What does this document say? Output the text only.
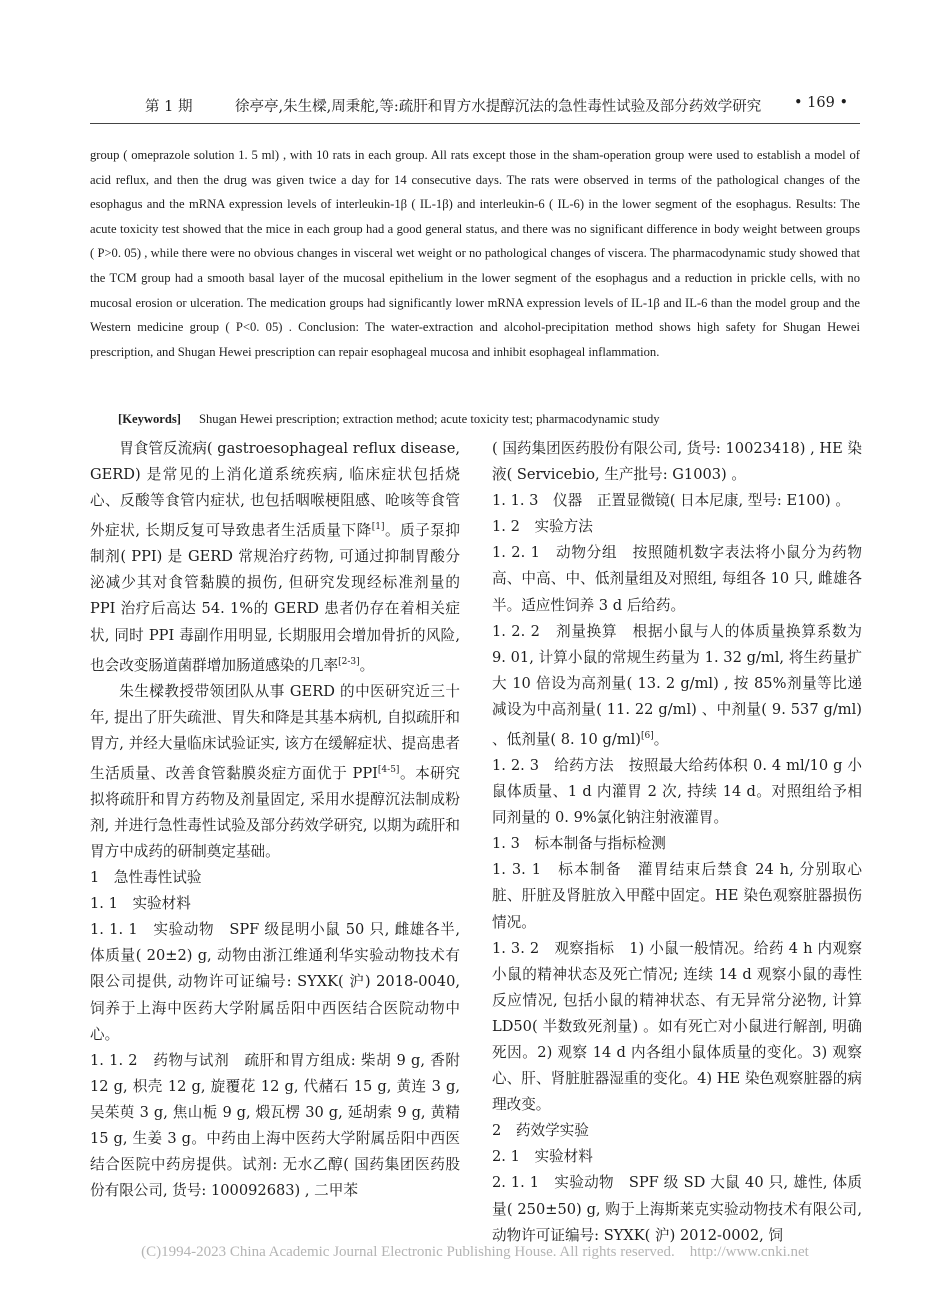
第 1 期	徐亭亭,朱生樑,周秉舵,等:疏肝和胃方水提醇沉法的急性毒性试验及部分药效学研究 • 169 •

group ( omeprazole solution 1. 5 ml) , with 10 rats in each group. All rats except those in the sham-operation group were used to establish a model of acid reflux, and then the drug was given twice a day for 14 consecutive days. The rats were observed in terms of the pathological changes of the esophagus and the mRNA expression levels of interleukin-1β ( IL-1β) and interleukin-6 ( IL-6) in the lower segment of the esophagus. Results: The acute toxicity test showed that the mice in each group had a good general status, and there was no significant difference in body weight between groups ( P>0. 05) , while there were no obvious changes in visceral wet weight or no pathological changes of viscera. The pharmacodynamic study showed that the TCM group had a smooth basal layer of the mucosal epithelium in the lower segment of the esophagus and a reduction in prickle cells, with no mucosal erosion or ulceration. The medication groups had significantly lower mRNA expression levels of IL-1β and IL-6 than the model group and the Western medicine group ( P<0. 05) . Conclusion: The water-extraction and alcohol-precipitation method shows high safety for Shugan Hewei prescription, and Shugan Hewei prescription can repair esophageal mucosa and inhibit esophageal inflammation.

[Keywords] Shugan Hewei prescription; extraction method; acute toxicity test; pharmacodynamic study

胃食管反流病( gastroesophageal reflux disease, GERD) 是常见的上消化道系统疾病, 临床症状包括烧心、反酸等食管内症状, 也包括咽喉梗阻感、呛咳等食管外症状, 长期反复可导致患者生活质量下降[1]。质子泵抑制剂( PPI) 是 GERD 常规治疗药物, 可通过抑制胃酸分泌减少其对食管黏膜的损伤, 但研究发现经标准剂量的 PPI 治疗后高达 54. 1%的 GERD 患者仍存在着相关症状, 同时 PPI 毒副作用明显, 长期服用会增加骨折的风险, 也会改变肠道菌群增加肠道感染的几率[2-3]。

朱生樑教授带领团队从事 GERD 的中医研究近三十年, 提出了肝失疏泄、胃失和降是其基本病机, 自拟疏肝和胃方, 并经大量临床试验证实, 该方在缓解症状、提高患者生活质量、改善食管黏膜炎症方面优于 PPI[4-5]。本研究拟将疏肝和胃方药物及剂量固定, 采用水提醇沉法制成粉剂, 并进行急性毒性试验及部分药效学研究, 以期为疏肝和胃方中成药的研制奠定基础。

1　急性毒性试验

1. 1　实验材料

1. 1. 1　实验动物　SPF 级昆明小鼠 50 只, 雌雄各半, 体质量( 20±2) g, 动物由浙江维通利华实验动物技术有限公司提供, 动物许可证编号: SYXK( 沪) 2018-0040, 饲养于上海中医药大学附属岳阳中西医结合医院动物中心。

1. 1. 2　药物与试剂　疏肝和胃方组成: 柴胡 9 g, 香附 12 g, 枳壳 12 g, 旋覆花 12 g, 代赭石 15 g, 黄连 3 g, 吴茱萸 3 g, 焦山栀 9 g, 煅瓦楞 30 g, 延胡索 9 g, 黄精 15 g, 生姜 3 g。中药由上海中医药大学附属岳阳中西医结合医院中药房提供。试剂: 无水乙醇( 国药集团医药股份有限公司, 货号: 100092683) , 二甲苯

( 国药集团医药股份有限公司, 货号: 10023418) , HE 染液( Servicebio, 生产批号: G1003) 。

1. 1. 3　仪器　正置显微镜( 日本尼康, 型号: E100) 。

1. 2　实验方法

1. 2. 1　动物分组　按照随机数字表法将小鼠分为药物高、中高、中、低剂量组及对照组, 每组各 10 只, 雌雄各半。适应性饲养 3 d 后给药。

1. 2. 2　剂量换算　根据小鼠与人的体质量换算系数为 9. 01, 计算小鼠的常规生药量为 1. 32 g/ml, 将生药量扩大 10 倍设为高剂量( 13. 2 g/ml) , 按 85%剂量等比递减设为中高剂量( 11. 22 g/ml) 、中剂量( 9. 537 g/ml) 、低剂量( 8. 10 g/ml)[6]。

1. 2. 3　给药方法　按照最大给药体积 0. 4 ml/10 g 小鼠体质量、1 d 内灌胃 2 次, 持续 14 d。对照组给予相同剂量的 0. 9%氯化钠注射液灌胃。

1. 3　标本制备与指标检测

1. 3. 1　标本制备　灌胃结束后禁食 24 h, 分别取心脏、肝脏及肾脏放入甲醛中固定。HE 染色观察脏器损伤情况。

1. 3. 2　观察指标　1) 小鼠一般情况。给药 4 h 内观察小鼠的精神状态及死亡情况; 连续 14 d 观察小鼠的毒性反应情况, 包括小鼠的精神状态、有无异常分泌物, 计算 LD50( 半数致死剂量) 。如有死亡对小鼠进行解剖, 明确死因。2) 观察 14 d 内各组小鼠体质量的变化。3) 观察心、肝、肾脏脏器湿重的变化。4) HE 染色观察脏器的病理改变。

2　药效学实验

2. 1　实验材料

2. 1. 1　实验动物　SPF 级 SD 大鼠 40 只, 雄性, 体质量( 250±50) g, 购于上海斯莱克实验动物技术有限公司, 动物许可证编号: SYXK( 沪) 2012-0002, 饲

(C)1994-2023 China Academic Journal Electronic Publishing House. All rights reserved.　http://www.cnki.net
